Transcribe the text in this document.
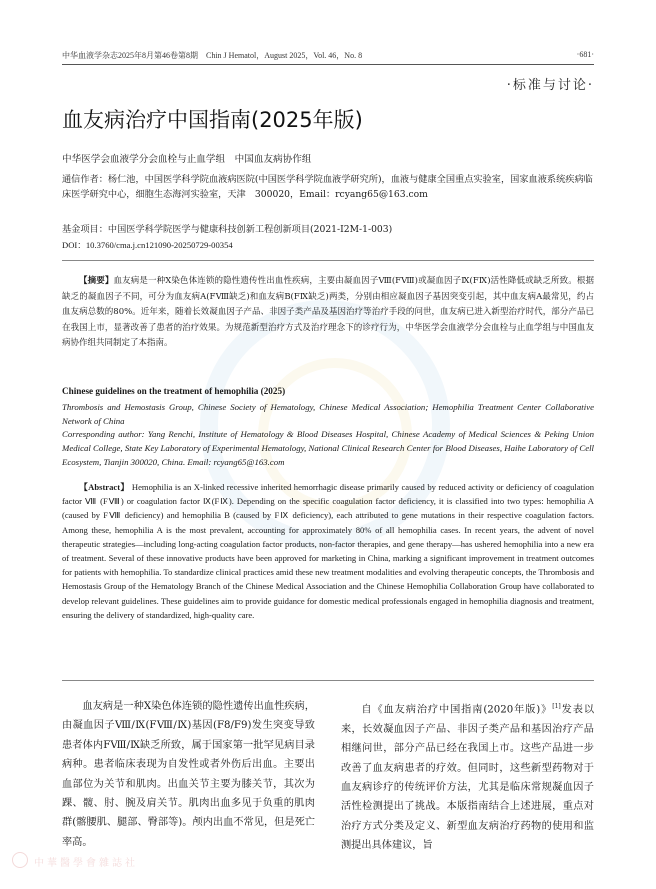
中华血液学杂志2025年8月第46卷第8期　Chin J Hematol，August 2025，Vol. 46，No. 8	·681·
·标准与讨论·
血友病治疗中国指南(2025年版)
中华医学会血液学分会血栓与止血学组　中国血友病协作组
通信作者：杨仁池，中国医学科学院血液病医院(中国医学科学院血液学研究所)，血液与健康全国重点实验室，国家血液系统疾病临床医学研究中心，细胞生态海河实验室，天津　300020，Email：rcyang65@163.com
基金项目：中国医学科学院医学与健康科技创新工程创新项目(2021-I2M-1-003)
DOI：10.3760/cma.j.cn121090-20250729-00354
【摘要】血友病是一种X染色体连锁的隐性遗传性出血性疾病，主要由凝血因子Ⅷ(FⅧ)或凝血因子Ⅸ(FⅨ)活性降低或缺乏所致。根据缺乏的凝血因子不同，可分为血友病A(FⅧ缺乏)和血友病B(FⅨ缺乏)两类，分别由相应凝血因子基因突变引起，其中血友病A最常见，约占血友病总数的80%。近年来，随着长效凝血因子产品、非因子类产品及基因治疗等治疗手段的问世，血友病已进入新型治疗时代，部分产品已在我国上市，显著改善了患者的治疗效果。为规范新型治疗方式及治疗理念下的诊疗行为，中华医学会血液学分会血栓与止血学组与中国血友病协作组共同制定了本指南。
Chinese guidelines on the treatment of hemophilia (2025)
Thrombosis and Hemostasis Group, Chinese Society of Hematology, Chinese Medical Association; Hemophilia Treatment Center Collaborative Network of China
Corresponding author: Yang Renchi, Institute of Hematology & Blood Diseases Hospital, Chinese Academy of Medical Sciences & Peking Union Medical College, State Key Laboratory of Experimental Hematology, National Clinical Research Center for Blood Diseases, Haihe Laboratory of Cell Ecosystem, Tianjin 300020, China. Email: rcyang65@163.com
【Abstract】 Hemophilia is an X-linked recessive inherited hemorrhagic disease primarily caused by reduced activity or deficiency of coagulation factor Ⅷ (FⅧ) or coagulation factor Ⅸ(FⅨ). Depending on the specific coagulation factor deficiency, it is classified into two types: hemophilia A (caused by FⅧ deficiency) and hemophilia B (caused by FⅨ deficiency), each attributed to gene mutations in their respective coagulation factors. Among these, hemophilia A is the most prevalent, accounting for approximately 80% of all hemophilia cases. In recent years, the advent of novel therapeutic strategies—including long-acting coagulation factor products, non-factor therapies, and gene therapy—has ushered hemophilia into a new era of treatment. Several of these innovative products have been approved for marketing in China, marking a significant improvement in treatment outcomes for patients with hemophilia. To standardize clinical practices amid these new treatment modalities and evolving therapeutic concepts, the Thrombosis and Hemostasis Group of the Hematology Branch of the Chinese Medical Association and the Chinese Hemophilia Collaboration Group have collaborated to develop relevant guidelines. These guidelines aim to provide guidance for domestic medical professionals engaged in hemophilia diagnosis and treatment, ensuring the delivery of standardized, high-quality care.
血友病是一种X染色体连锁的隐性遗传出血性疾病，由凝血因子Ⅷ/Ⅸ(FⅧ/Ⅸ)基因(F8/F9)发生突变导致患者体内FⅧ/Ⅸ缺乏所致，属于国家第一批罕见病目录病种。患者临床表现为自发性或者外伤后出血。主要出血部位为关节和肌肉。出血关节主要为膝关节，其次为踝、髋、肘、腕及肩关节。肌肉出血多见于负重的肌肉群(髂腰肌、腿部、臀部等)。颅内出血不常见，但是死亡率高。
自《血友病治疗中国指南(2020年版)》[1]发表以来，长效凝血因子产品、非因子类产品和基因治疗产品相继问世，部分产品已经在我国上市。这些产品进一步改善了血友病患者的疗效。但同时，这些新型药物对于血友病诊疗的传统评价方法，尤其是临床常规凝血因子活性检测提出了挑战。本版指南结合上述进展，重点对治疗方式分类及定义、新型血友病治疗药物的使用和监测提出具体建议，旨
中華醫學會雜誌社
